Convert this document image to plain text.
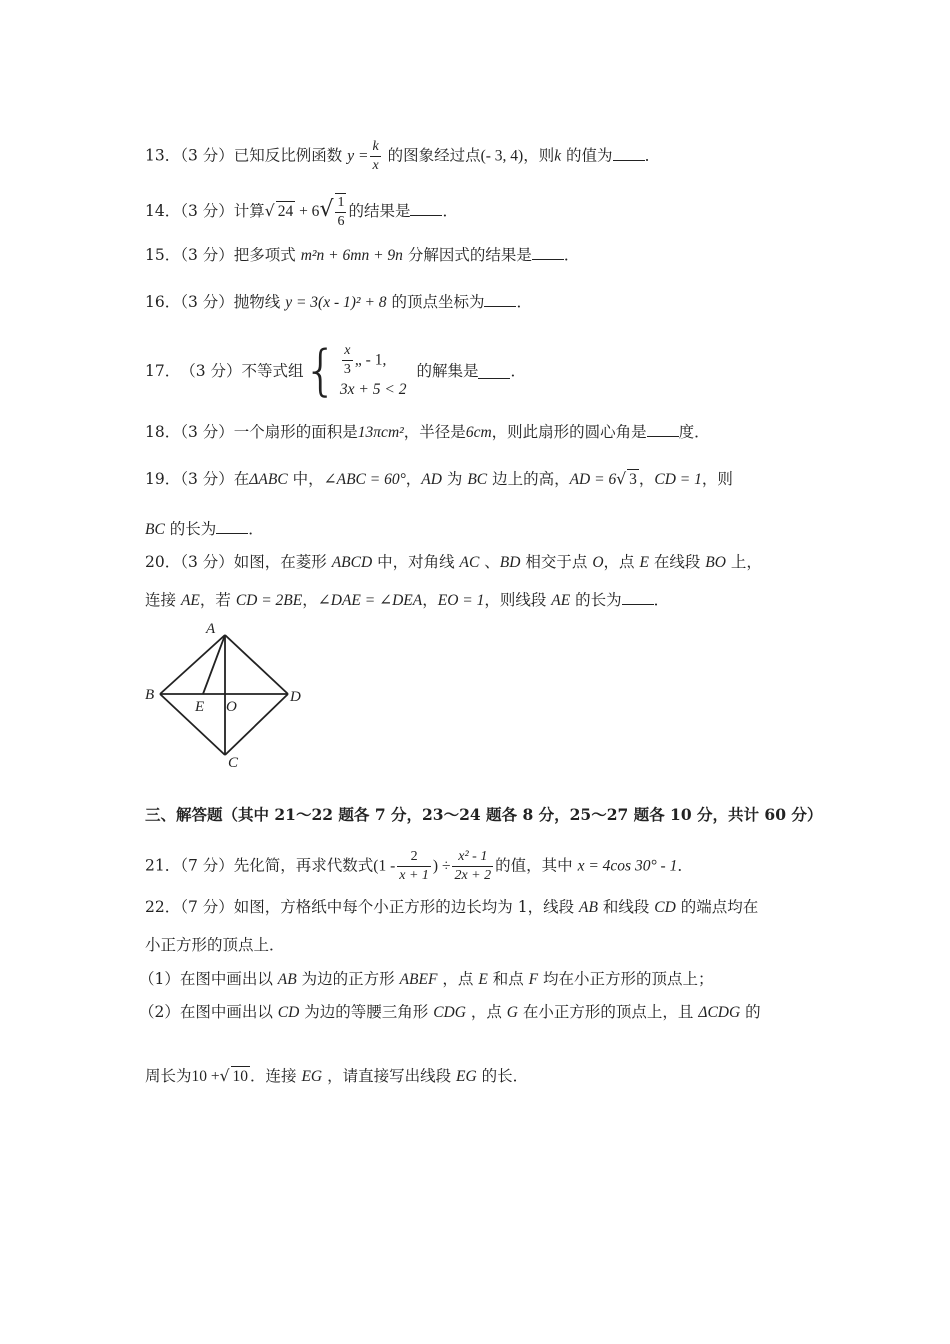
13．（3 分）已知反比例函数 $y = \frac{k}{x}$ 的图象经过点(- 3, 4)，则k 的值为 ．
14．（3 分）计算√ $24 + 6√ \frac{1}{6}$ 的结果是 ．
15．（3 分）把多项式 m²n + 6mn + 9n 分解因式的结果是 ．
16．（3 分）抛物线 y = 3(x - 1)² + 8 的顶点坐标为 ．
17． （3 分） 不等式组 { $\frac{x}{3}$ „ - 1,
3x + 5 < 2
的解集是 ．
18．（3 分）一个扇形的面积是13πcm²，半径是6cm，则此扇形的圆心角是 度．
19．（3 分）在ΔABC 中，∠ABC = 60°，AD 为 BC 边上的高，AD = 6√ 3 ，CD = 1，则
BC 的长为 ．
20．（3 分）如图，在菱形 ABCD 中，对角线 AC 、BD 相交于点 O，点 E 在线段 BO 上，
连接 AE，若 CD = 2BE，∠DAE = ∠DEA，EO = 1，则线段 AE 的长为 ．
A
B
C
D
E O
三、解答题（其中 21～22 题各 7 分，23～24 题各 8 分，25～27 题各 10 分，共计 60 分）
21．（7 分）先化简，再求代数式($1 - \frac{2}{x + 1}$ ) ÷ $\frac{\text{x² - 1}}{2x + 2}$ 的值，其中 x = 4cos 30° - 1．
22．（7 分）如图，方格纸中每个小正方形的边长均为 1，线段 AB 和线段 CD 的端点均在
小正方形的顶点上．
（1）在图中画出以 AB 为边的正方形 ABEF ，点 E 和点 F 均在小正方形的顶点上；
（2）在图中画出以 CD 为边的等腰三角形 CDG ，点 G 在小正方形的顶点上，且 ΔCDG 的
周长为10 +√ 10 ．连接 EG ，请直接写出线段 EG 的长．
